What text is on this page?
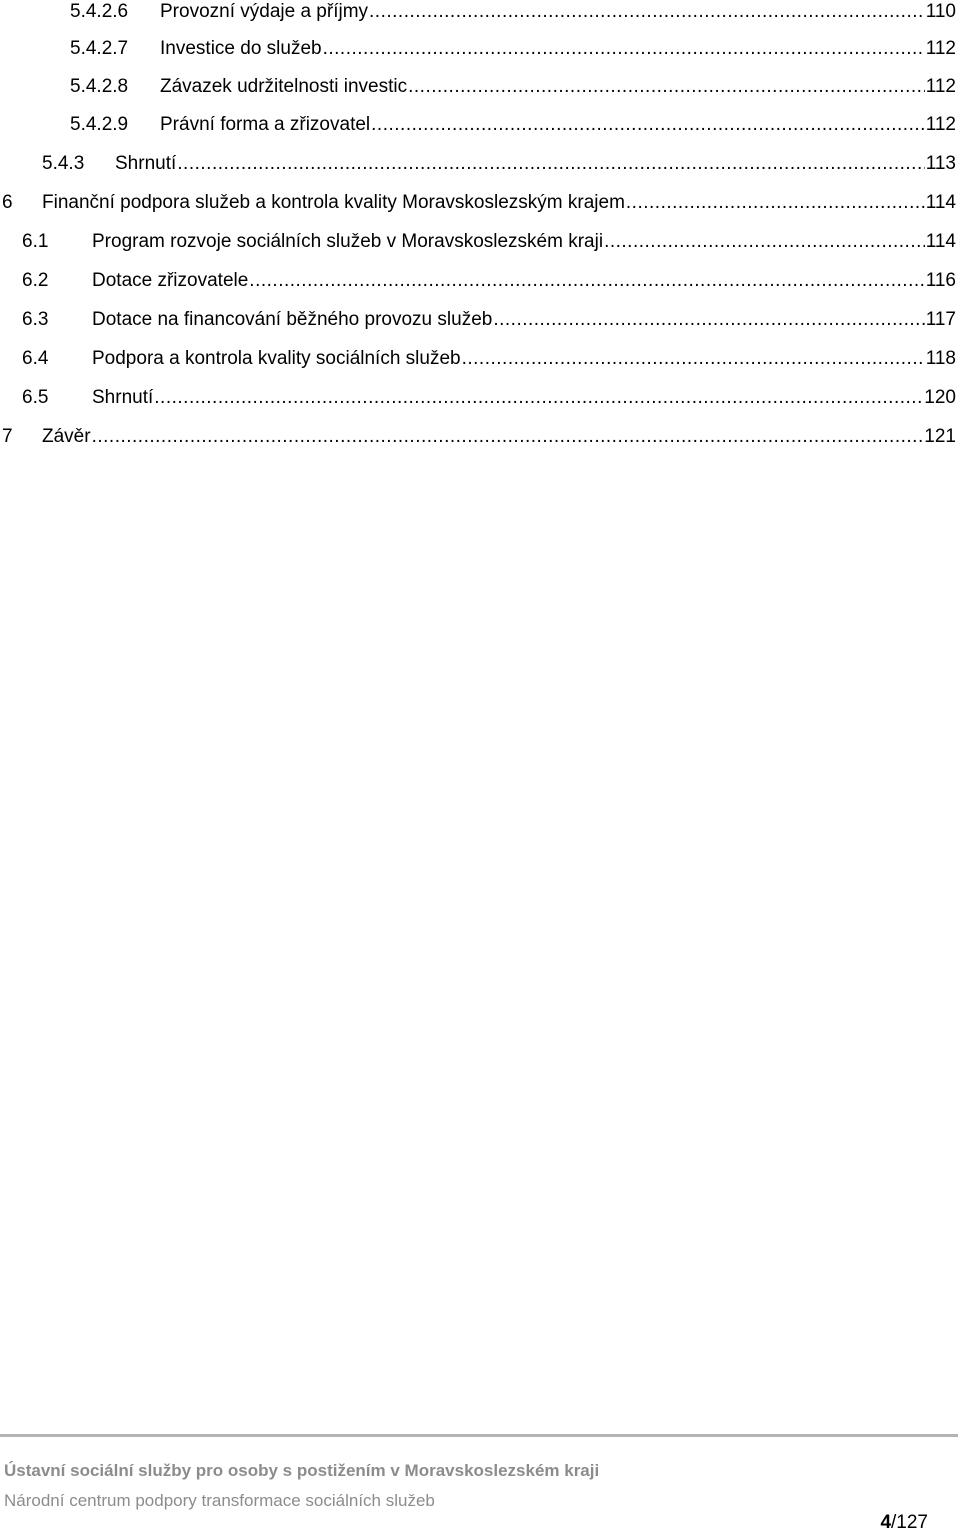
5.4.2.6	Provozní výdaje a příjmy .....	110
5.4.2.7	Investice do služeb .....	112
5.4.2.8	Závazek udržitelnosti investic .....	112
5.4.2.9	Právní forma a zřizovatel .....	112
5.4.3	Shrnutí .....	113
6	Finanční podpora služeb a kontrola kvality Moravskoslezským krajem .....	114
6.1	Program rozvoje sociálních služeb v Moravskoslezském kraji .....	114
6.2	Dotace zřizovatele .....	116
6.3	Dotace na financování běžného provozu služeb .....	117
6.4	Podpora a kontrola kvality sociálních služeb .....	118
6.5	Shrnutí .....	120
7	Závěr .....	121
Ústavní sociální služby pro osoby s postižením v Moravskoslezském kraji
Národní centrum podpory transformace sociálních služeb
4/127
